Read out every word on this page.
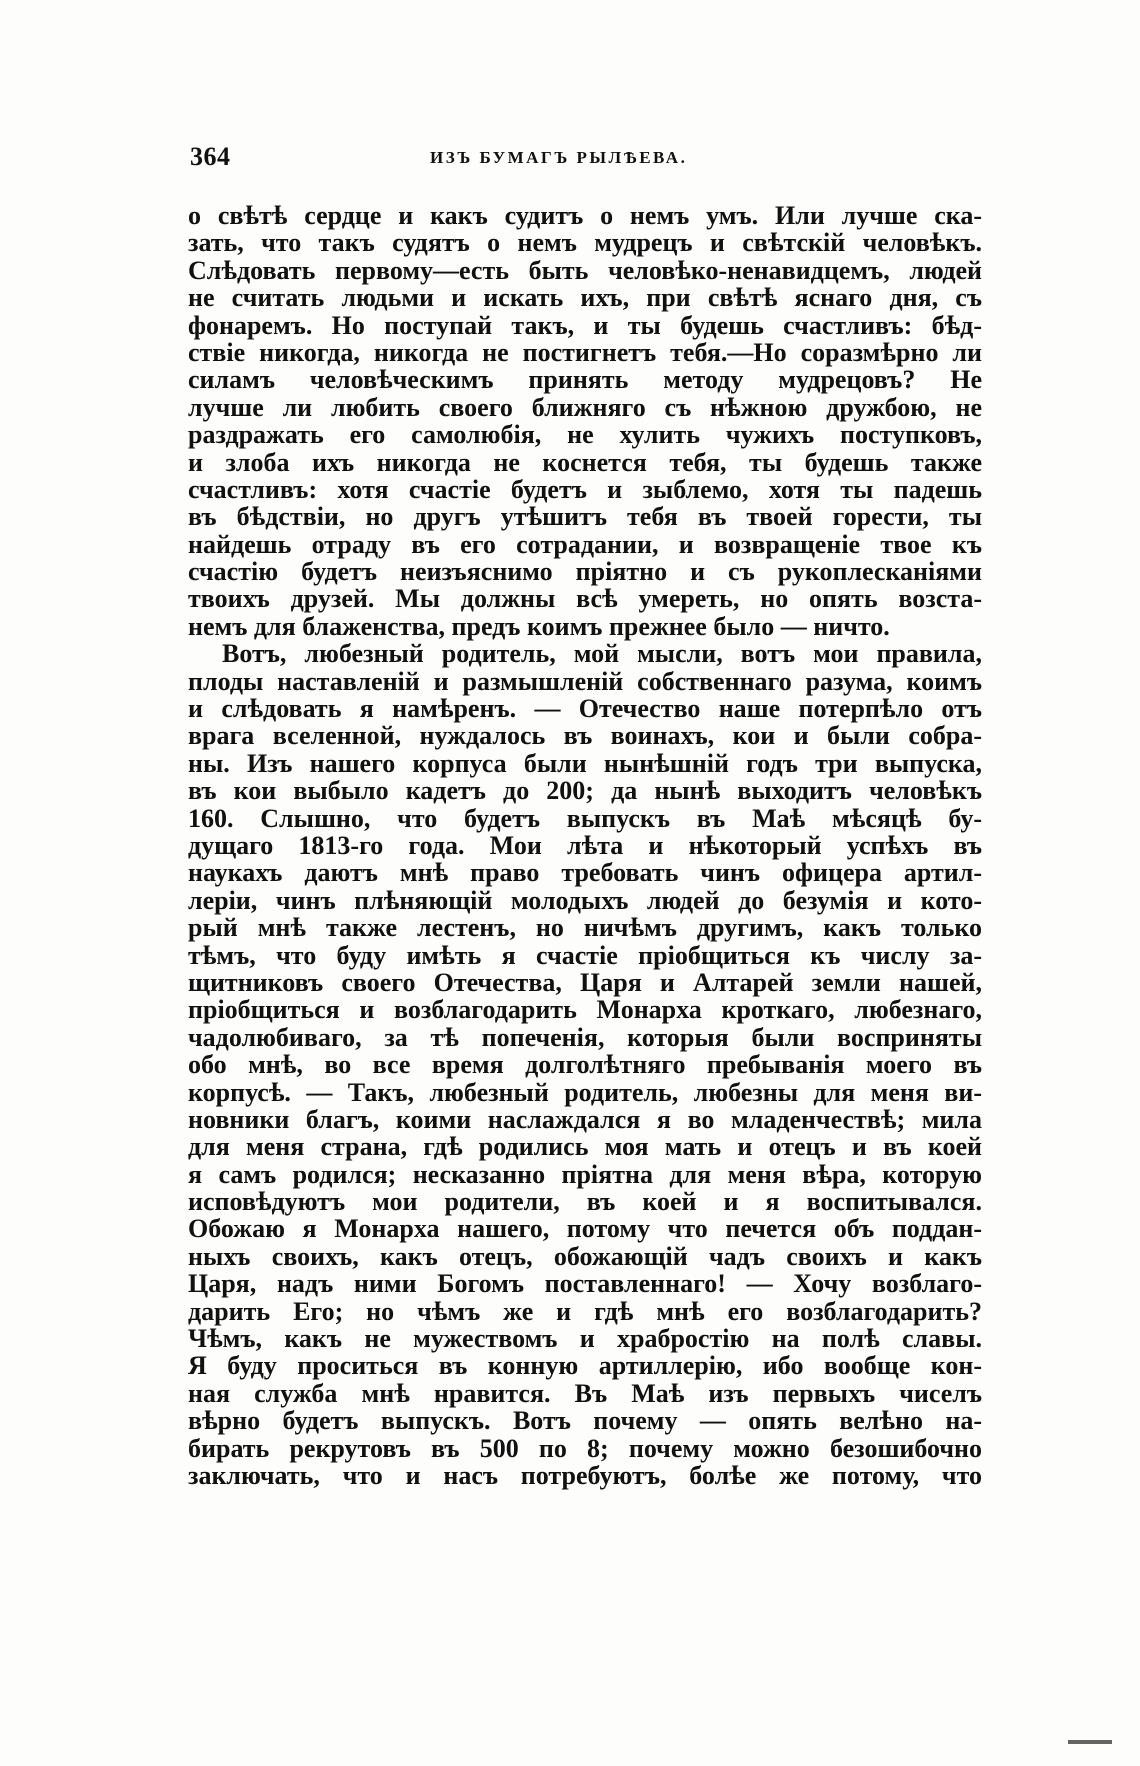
364	ИЗЪ БУМАГЪ РЫЛѢЕВА.
о свѣтѣ сердце и какъ судитъ о немъ умъ. Или лучше ска-
зать, что такъ судятъ о немъ мудрецъ и свѣтскій человѣкъ.
Слѣдовать первому—есть быть человѣко-ненавидцемъ, людей
не считать людьми и искать ихъ, при свѣтѣ яснаго дня, съ
фонаремъ. Но поступай такъ, и ты будешь счастливъ: бѣд-
ствіе никогда, никогда не постигнетъ тебя.—Но соразмѣрно ли
силамъ человѣческимъ принять методу мудрецовъ? Не
лучше ли любить своего ближняго съ нѣжною дружбою, не
раздражать его самолюбія, не хулить чужихъ поступковъ,
и злоба ихъ никогда не коснется тебя, ты будешь также
счастливъ: хотя счастіе будетъ и зыблемо, хотя ты падешь
въ бѣдствіи, но другъ утѣшитъ тебя въ твоей горести, ты
найдешь отраду въ его сотрадании, и возвращеніе твое къ
счастію будетъ неизъяснимо пріятно и съ рукоплесканіями
твоихъ друзей. Мы должны всѣ умереть, но опять возста-
немъ для блаженства, предъ коимъ прежнее было — ничто.
Вотъ, любезный родитель, мой мысли, вотъ мои правила,
плоды наставленій и размышленій собственнаго разума, коимъ
и слѣдовать я намѣренъ. — Отечество наше потерпѣло отъ
врага вселенной, нуждалось въ воинахъ, кои и были собра-
ны. Изъ нашего корпуса были нынѣшній годъ три выпуска,
въ кои выбыло кадетъ до 200; да нынѣ выходитъ человѣкъ
160. Слышно, что будетъ выпускъ въ Маѣ мѣсяцѣ бу-
дущаго 1813-го года. Мои лѣта и нѣкоторый успѣхъ въ
наукахъ даютъ мнѣ право требовать чинъ офицера артил-
леріи, чинъ плѣняющій молодыхъ людей до безумія и кото-
рый мнѣ также лестенъ, но ничѣмъ другимъ, какъ только
тѣмъ, что буду имѣть я счастіе пріобщиться къ числу за-
щитниковъ своего Отечества, Царя и Алтарей земли нашей,
пріобщиться и возблагодарить Монарха кроткаго, любезнаго,
чадолюбиваго, за тѣ попеченія, которыя были восприняты
обо мнѣ, во все время долголѣтняго пребыванія моего въ
корпусѣ. — Такъ, любезный родитель, любезны для меня ви-
новники благъ, коими наслаждался я во младенчествѣ; мила
для меня страна, гдѣ родились моя мать и отецъ и въ коей
я самъ родился; несказанно пріятна для меня вѣра, которую
исповѣдуютъ мои родители, въ коей и я воспитывался.
Обожаю я Монарха нашего, потому что печется объ поддан-
ныхъ своихъ, какъ отецъ, обожающій чадъ своихъ и какъ
Царя, надъ ними Богомъ поставленнаго! — Хочу возблаго-
дарить Его; но чѣмъ же и гдѣ мнѣ его возблагодарить?
Чѣмъ, какъ не мужествомъ и храбростію на полѣ славы.
Я буду проситься въ конную артиллерію, ибо вообще кон-
ная служба мнѣ нравится. Въ Маѣ изъ первыхъ чиселъ
вѣрно будетъ выпускъ. Вотъ почему — опять велѣно на-
бирать рекрутовъ въ 500 по 8; почему можно безошибочно
заключать, что и насъ потребуютъ, болѣе же потому, что
